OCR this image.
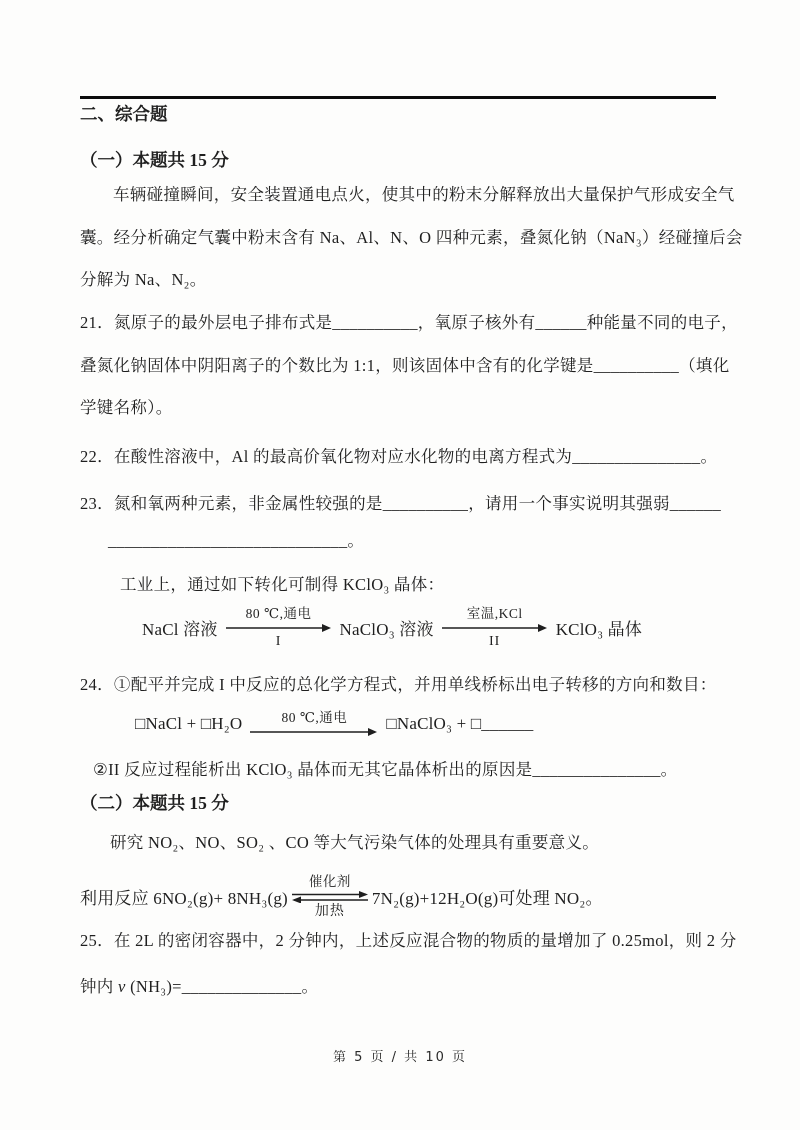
二、综合题
（一）本题共 15 分
车辆碰撞瞬间，安全装置通电点火，使其中的粉末分解释放出大量保护气形成安全气
囊。经分析确定气囊中粉末含有 Na、Al、N、O 四种元素，叠氮化钠（NaN₃）经碰撞后会
分解为 Na、N₂。
21．氮原子的最外层电子排布式是__________，氧原子核外有______种能量不同的电子，
叠氮化钠固体中阴阳离子的个数比为 1:1，则该固体中含有的化学键是__________（填化
学键名称）。
22．在酸性溶液中，Al 的最高价氧化物对应水化物的电离方程式为_______________。
23．氮和氧两种元素，非金属性较强的是__________，请用一个事实说明其强弱______
____________________________。
工业上，通过如下转化可制得 KClO₃ 晶体：
NaCl 溶液
80 ℃,通电
I
NaClO₃ 溶液
室温,KCl
II
KClO₃ 晶体
24．①配平并完成 I 中反应的总化学方程式，并用单线桥标出电子转移的方向和数目：
□NaCl + □H₂O	80 ℃,通电 □NaClO₃ + □______
②II 反应过程能析出 KClO₃ 晶体而无其它晶体析出的原因是_______________。
（二）本题共 15 分
研究 NO₂、NO、SO₂ 、CO 等大气污染气体的处理具有重要意义。
利用反应 6NO₂(g)+ 8NH₃(g)
催化剂
加热
7N₂(g)+12H₂O(g)可处理 NO₂。
25．在 2L 的密闭容器中，2 分钟内，上述反应混合物的物质的量增加了 0.25mol，则 2 分
钟内 v (NH₃)=______________。
第 5 页 / 共 10 页
